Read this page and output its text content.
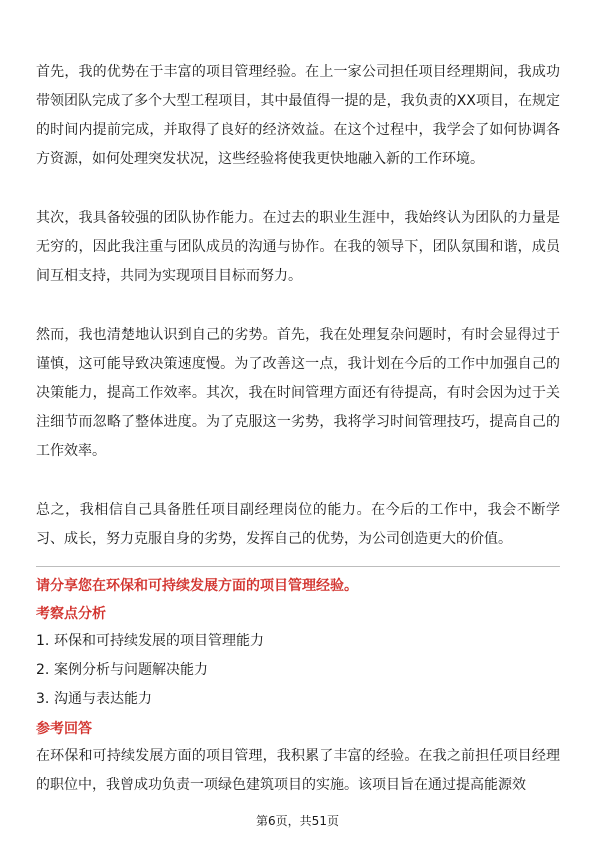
首先，我的优势在于丰富的项目管理经验。在上一家公司担任项目经理期间，我成功带领团队完成了多个大型工程项目，其中最值得一提的是，我负责的XX项目，在规定的时间内提前完成，并取得了良好的经济效益。在这个过程中，我学会了如何协调各方资源，如何处理突发状况，这些经验将使我更快地融入新的工作环境。

其次，我具备较强的团队协作能力。在过去的职业生涯中，我始终认为团队的力量是无穷的，因此我注重与团队成员的沟通与协作。在我的领导下，团队氛围和谐，成员间互相支持，共同为实现项目目标而努力。

然而，我也清楚地认识到自己的劣势。首先，我在处理复杂问题时，有时会显得过于谨慎，这可能导致决策速度慢。为了改善这一点，我计划在今后的工作中加强自己的决策能力，提高工作效率。其次，我在时间管理方面还有待提高，有时会因为过于关注细节而忽略了整体进度。为了克服这一劣势，我将学习时间管理技巧，提高自己的工作效率。

总之，我相信自己具备胜任项目副经理岗位的能力。在今后的工作中，我会不断学习、成长，努力克服自身的劣势，发挥自己的优势，为公司创造更大的价值。

请分享您在环保和可持续发展方面的项目管理经验。

考察点分析

1. 环保和可持续发展的项目管理能力
2. 案例分析与问题解决能力
3. 沟通与表达能力

参考回答

在环保和可持续发展方面的项目管理，我积累了丰富的经验。在我之前担任项目经理的职位中，我曾成功负责一项绿色建筑项目的实施。该项目旨在通过提高能源效

第6页，共51页
